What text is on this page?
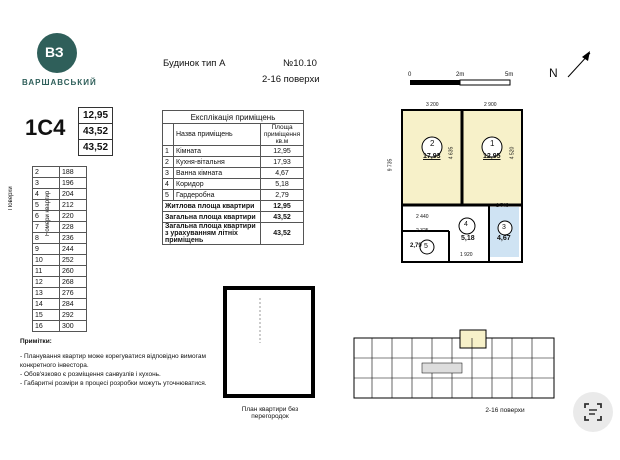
ВЗ
ВАРШАВСЬКИЙ
Будинок тип А	№10.10
2-16 поверхи	0	2m	5m	N
1С4	12,95
43,52
43,52
Поверхи	Номери квартир
2	188
3	196
4	204
5	212
6	220
7	228
8	236
9	244
10	252
11	260
12	268
13	276
14	284
15	292
16	300
Експлікація приміщень		
	Назва приміщень	Площа приміщення кв.м
1	Кімната	12,95
2	Кухня-вітальня	17,93
3	Ванна кімната	4,67
4	Коридор	5,18
5	Гардеробна	2,79
Житлова площа квартири		12,95
Загальна площа квартири		43,52
Загальна площа квартири з урахуванням літніх приміщень		43,52
2
17,93
1
12,95
3
4,67
4
5,18
5
2,79
3 200	2 900
4 635	4 520
1 740
2 440
2 325
1 920
9 735
План квартири без перегородок
2-16 поверхи
Примітки:
- Планування квартир може корегуватися відповідно вимогам конкретного інвестора.
- Обов'язково є розміщення санвузлів і кухонь.
- Габаритні розміри в процесі розробки можуть уточнюватися.
